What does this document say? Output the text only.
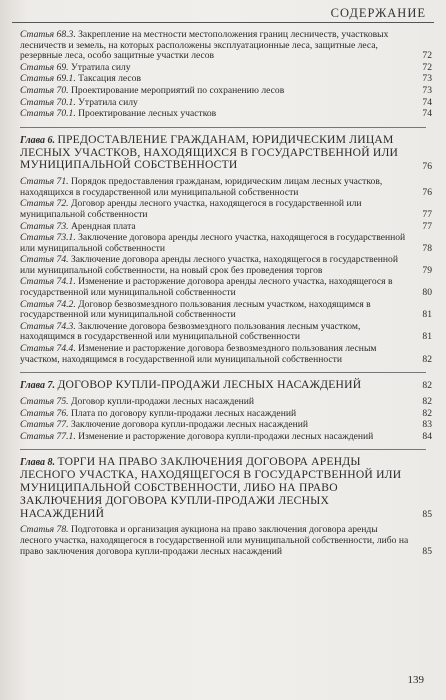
СОДЕРЖАНИЕ
Статья 68.3. Закрепление на местности местоположения границ лесничеств, участковых лесничеств и земель, на которых расположены эксплуатационные леса, защитные леса, резервные леса, особо защитные участки лесов	72
Статья 69. Утратила силу	72
Статья 69.1. Таксация лесов	73
Статья 70. Проектирование мероприятий по сохранению лесов	73
Статья 70.1. Утратила силу	74
Статья 70.1. Проектирование лесных участков	74
Глава 6. ПРЕДОСТАВЛЕНИЕ ГРАЖДАНАМ, ЮРИДИЧЕСКИМ ЛИЦАМ ЛЕСНЫХ УЧАСТКОВ, НАХОДЯЩИХСЯ В ГОСУДАРСТВЕННОЙ ИЛИ МУНИЦИПАЛЬНОЙ СОБСТВЕННОСТИ	76
Статья 71. Порядок предоставления гражданам, юридическим лицам лесных участков, находящихся в государственной или муниципальной собственности	76
Статья 72. Договор аренды лесного участка, находящегося в государственной или муниципальной собственности	77
Статья 73. Арендная плата	77
Статья 73.1. Заключение договора аренды лесного участка, находящегося в государственной или муниципальной собственности	78
Статья 74. Заключение договора аренды лесного участка, находящегося в государственной или муниципальной собственности, на новый срок без проведения торгов	79
Статья 74.1. Изменение и расторжение договора аренды лесного участка, находящегося в государственной или муниципальной собственности	80
Статья 74.2. Договор безвозмездного пользования лесным участком, находящимся в государственной или муниципальной собственности	81
Статья 74.3. Заключение договора безвозмездного пользования лесным участком, находящимся в государственной или муниципальной собственности	81
Статья 74.4. Изменение и расторжение договора безвозмездного пользования лесным участком, находящимся в государственной или муниципальной собственности	82
Глава 7. ДОГОВОР КУПЛИ-ПРОДАЖИ ЛЕСНЫХ НАСАЖДЕНИЙ	82
Статья 75. Договор купли-продажи лесных насаждений	82
Статья 76. Плата по договору купли-продажи лесных насаждений	82
Статья 77. Заключение договора купли-продажи лесных насаждений	83
Статья 77.1. Изменение и расторжение договора купли-продажи лесных насаждений	84
Глава 8. ТОРГИ НА ПРАВО ЗАКЛЮЧЕНИЯ ДОГОВОРА АРЕНДЫ ЛЕСНОГО УЧАСТКА, НАХОДЯЩЕГОСЯ В ГОСУДАРСТВЕННОЙ ИЛИ МУНИЦИПАЛЬНОЙ СОБСТВЕННОСТИ, ЛИБО НА ПРАВО ЗАКЛЮЧЕНИЯ ДОГОВОРА КУПЛИ-ПРОДАЖИ ЛЕСНЫХ НАСАЖДЕНИЙ	85
Статья 78. Подготовка и организация аукциона на право заключения договора аренды лесного участка, находящегося в государственной или муниципальной собственности, либо на право заключения договора купли-продажи лесных насаждений	85
139
